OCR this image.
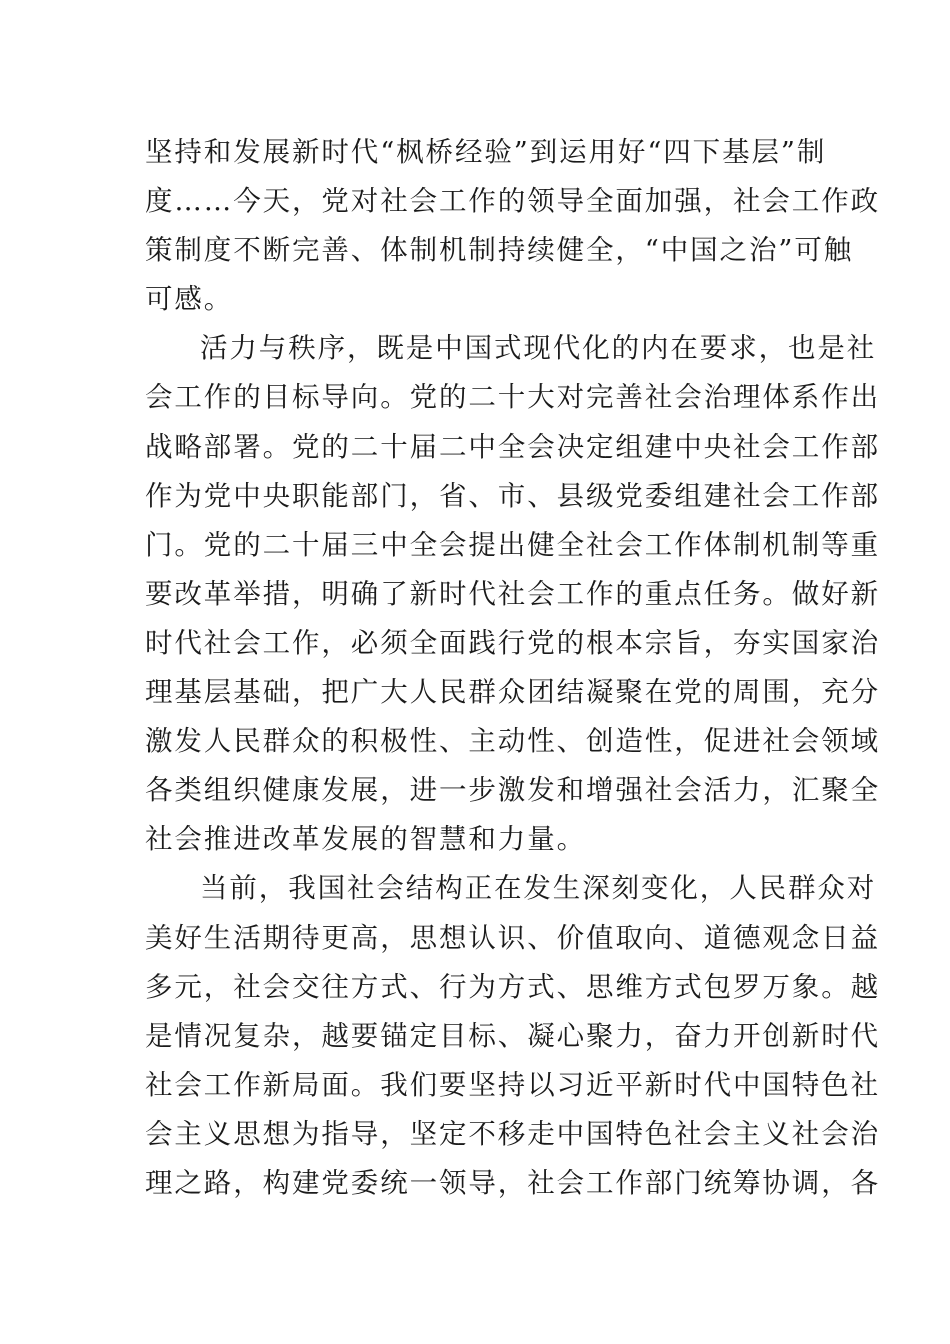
坚持和发展新时代“枫桥经验”到运用好“四下基层”制
度……今天，党对社会工作的领导全面加强，社会工作政
策制度不断完善、体制机制持续健全，“中国之治”可触
可感。
活力与秩序，既是中国式现代化的内在要求，也是社
会工作的目标导向。党的二十大对完善社会治理体系作出
战略部署。党的二十届二中全会决定组建中央社会工作部
作为党中央职能部门，省、市、县级党委组建社会工作部
门。党的二十届三中全会提出健全社会工作体制机制等重
要改革举措，明确了新时代社会工作的重点任务。做好新
时代社会工作，必须全面践行党的根本宗旨，夯实国家治
理基层基础，把广大人民群众团结凝聚在党的周围，充分
激发人民群众的积极性、主动性、创造性，促进社会领域
各类组织健康发展，进一步激发和增强社会活力，汇聚全
社会推进改革发展的智慧和力量。
当前，我国社会结构正在发生深刻变化，人民群众对
美好生活期待更高，思想认识、价值取向、道德观念日益
多元，社会交往方式、行为方式、思维方式包罗万象。越
是情况复杂，越要锚定目标、凝心聚力，奋力开创新时代
社会工作新局面。我们要坚持以习近平新时代中国特色社
会主义思想为指导，坚定不移走中国特色社会主义社会治
理之路，构建党委统一领导，社会工作部门统筹协调，各
